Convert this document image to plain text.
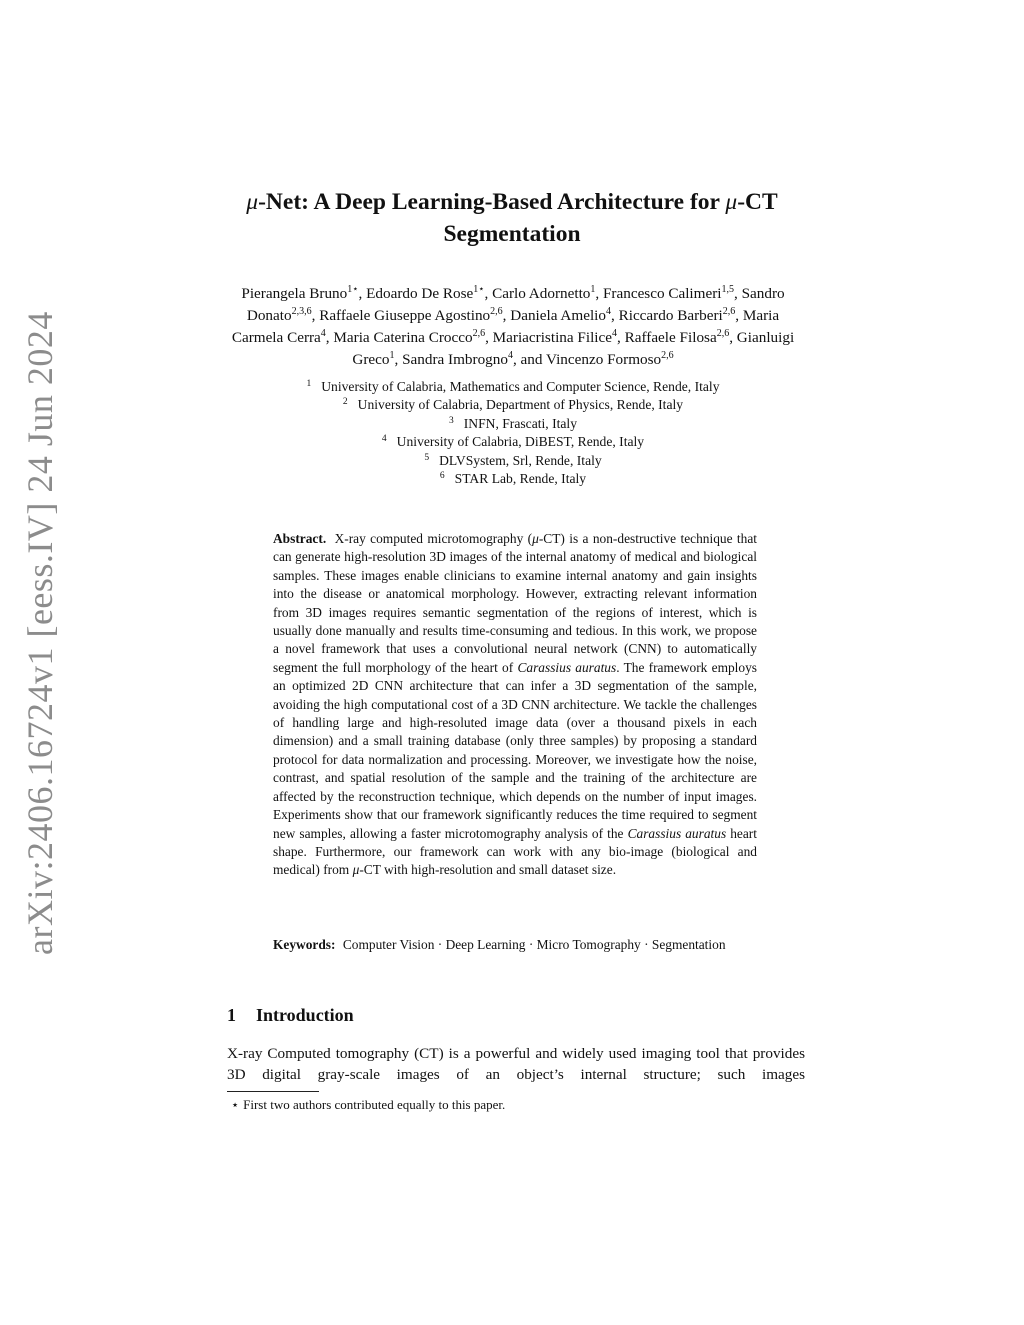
arXiv:2406.16724v1 [eess.IV] 24 Jun 2024
μ-Net: A Deep Learning-Based Architecture for μ-CT Segmentation
Pierangela Bruno$^{1⋆}$, Edoardo De Rose$^{1⋆}$, Carlo Adornetto$^1$, Francesco Calimeri$^{1,5}$, Sandro Donato$^{2,3,6}$, Raffaele Giuseppe Agostino$^{2,6}$, Daniela Amelio$^4$, Riccardo Barberi$^{2,6}$, Maria Carmela Cerra$^4$, Maria Caterina Crocco$^{2,6}$, Mariacristina Filice$^4$, Raffaele Filosa$^{2,6}$, Gianluigi Greco$^1$, Sandra Imbrogno$^4$, and Vincenzo Formoso$^{2,6}$
$^1$ University of Calabria, Mathematics and Computer Science, Rende, Italy
$^2$ University of Calabria, Department of Physics, Rende, Italy
$^3$ INFN, Frascati, Italy
$^4$ University of Calabria, DiBEST, Rende, Italy
$^5$ DLVSystem, Srl, Rende, Italy
$^6$ STAR Lab, Rende, Italy
Abstract. X-ray computed microtomography (μ-CT) is a non-destructive technique that can generate high-resolution 3D images of the internal anatomy of medical and biological samples. These images enable clinicians to examine internal anatomy and gain insights into the disease or anatomical morphology. However, extracting relevant information from 3D images requires semantic segmentation of the regions of interest, which is usually done manually and results time-consuming and tedious. In this work, we propose a novel framework that uses a convolutional neural network (CNN) to automatically segment the full morphology of the heart of Carassius auratus. The framework employs an optimized 2D CNN architecture that can infer a 3D segmentation of the sample, avoiding the high computational cost of a 3D CNN architecture. We tackle the challenges of handling large and high-resoluted image data (over a thousand pixels in each dimension) and a small training database (only three samples) by proposing a standard protocol for data normalization and processing. Moreover, we investigate how the noise, contrast, and spatial resolution of the sample and the training of the architecture are affected by the reconstruction technique, which depends on the number of input images. Experiments show that our framework significantly reduces the time required to segment new samples, allowing a faster microtomography analysis of the Carassius auratus heart shape. Furthermore, our framework can work with any bio-image (biological and medical) from μ-CT with high-resolution and small dataset size.
Keywords: Computer Vision · Deep Learning · Micro Tomography · Segmentation
1 Introduction
X-ray Computed tomography (CT) is a powerful and widely used imaging tool that provides 3D digital gray-scale images of an object’s internal structure; such images
⋆ First two authors contributed equally to this paper.
